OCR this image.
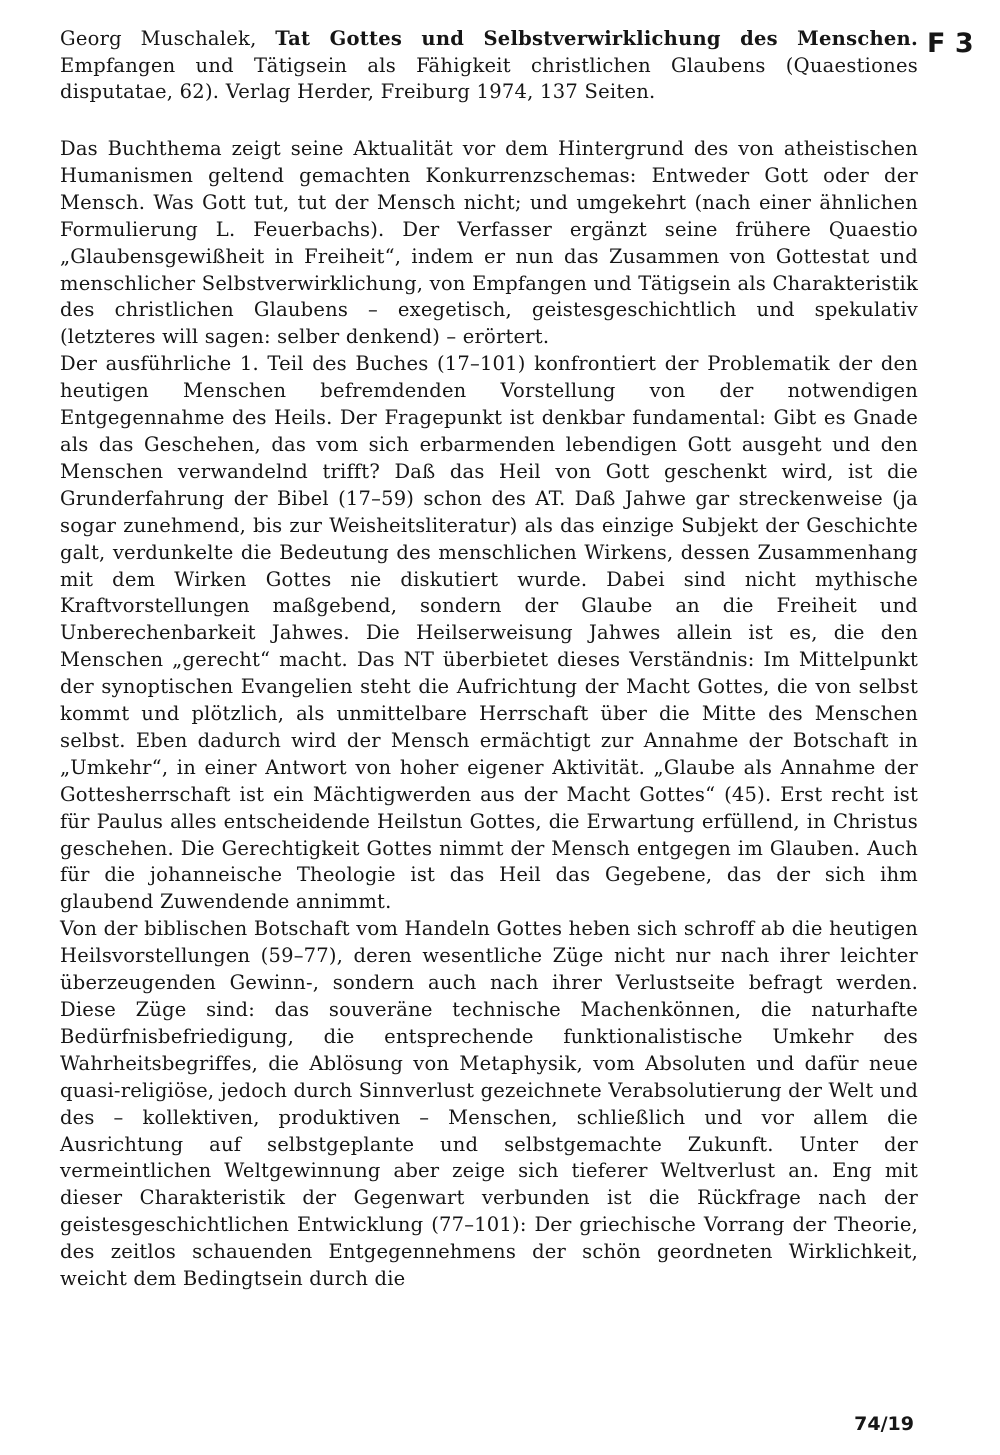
Georg Muschalek, Tat Gottes und Selbstverwirklichung des Menschen. Empfangen und Tätigsein als Fähigkeit christlichen Glaubens (Quaestiones disputatae, 62). Verlag Herder, Freiburg 1974, 137 Seiten.
F 3

Das Buchthema zeigt seine Aktualität vor dem Hintergrund des von atheistischen Humanismen geltend gemachten Konkurrenzschemas: Entweder Gott oder der Mensch. Was Gott tut, tut der Mensch nicht; und umgekehrt (nach einer ähnlichen Formulierung L. Feuerbachs). Der Verfasser ergänzt seine frühere Quaestio „Glaubensgewißheit in Freiheit“, indem er nun das Zusammen von Gottestat und menschlicher Selbstverwirklichung, von Empfangen und Tätigsein als Charakteristik des christlichen Glaubens – exegetisch, geistesgeschichtlich und spekulativ (letzteres will sagen: selber denkend) – erörtert.

Der ausführliche 1. Teil des Buches (17–101) konfrontiert der Problematik der den heutigen Menschen befremdenden Vorstellung von der notwendigen Entgegennahme des Heils. Der Fragepunkt ist denkbar fundamental: Gibt es Gnade als das Geschehen, das vom sich erbarmenden lebendigen Gott ausgeht und den Menschen verwandelnd trifft? Daß das Heil von Gott geschenkt wird, ist die Grunderfahrung der Bibel (17–59) schon des AT. Daß Jahwe gar streckenweise (ja sogar zunehmend, bis zur Weisheitsliteratur) als das einzige Subjekt der Geschichte galt, verdunkelte die Bedeutung des menschlichen Wirkens, dessen Zusammenhang mit dem Wirken Gottes nie diskutiert wurde. Dabei sind nicht mythische Kraftvorstellungen maßgebend, sondern der Glaube an die Freiheit und Unberechenbarkeit Jahwes. Die Heilserweisung Jahwes allein ist es, die den Menschen „gerecht“ macht. Das NT überbietet dieses Verständnis: Im Mittelpunkt der synoptischen Evangelien steht die Aufrichtung der Macht Gottes, die von selbst kommt und plötzlich, als unmittelbare Herrschaft über die Mitte des Menschen selbst. Eben dadurch wird der Mensch ermächtigt zur Annahme der Botschaft in „Umkehr“, in einer Antwort von hoher eigener Aktivität. „Glaube als Annahme der Gottesherrschaft ist ein Mächtigwerden aus der Macht Gottes“ (45). Erst recht ist für Paulus alles entscheidende Heilstun Gottes, die Erwartung erfüllend, in Christus geschehen. Die Gerechtigkeit Gottes nimmt der Mensch entgegen im Glauben. Auch für die johanneische Theologie ist das Heil das Gegebene, das der sich ihm glaubend Zuwendende annimmt.

Von der biblischen Botschaft vom Handeln Gottes heben sich schroff ab die heutigen Heilsvorstellungen (59–77), deren wesentliche Züge nicht nur nach ihrer leichter überzeugenden Gewinn-, sondern auch nach ihrer Verlustseite befragt werden. Diese Züge sind: das souveräne technische Machenkönnen, die naturhafte Bedürfnisbefriedigung, die entsprechende funktionalistische Umkehr des Wahrheitsbegriffes, die Ablösung von Metaphysik, vom Absoluten und dafür neue quasi-religiöse, jedoch durch Sinnverlust gezeichnete Verabsolutierung der Welt und des – kollektiven, produktiven – Menschen, schließlich und vor allem die Ausrichtung auf selbstgeplante und selbstgemachte Zukunft. Unter der vermeintlichen Weltgewinnung aber zeige sich tieferer Weltverlust an. Eng mit dieser Charakteristik der Gegenwart verbunden ist die Rückfrage nach der geistesgeschichtlichen Entwicklung (77–101): Der griechische Vorrang der Theorie, des zeitlos schauenden Entgegennehmens der schön geordneten Wirklichkeit, weicht dem Bedingtsein durch die

74/19
